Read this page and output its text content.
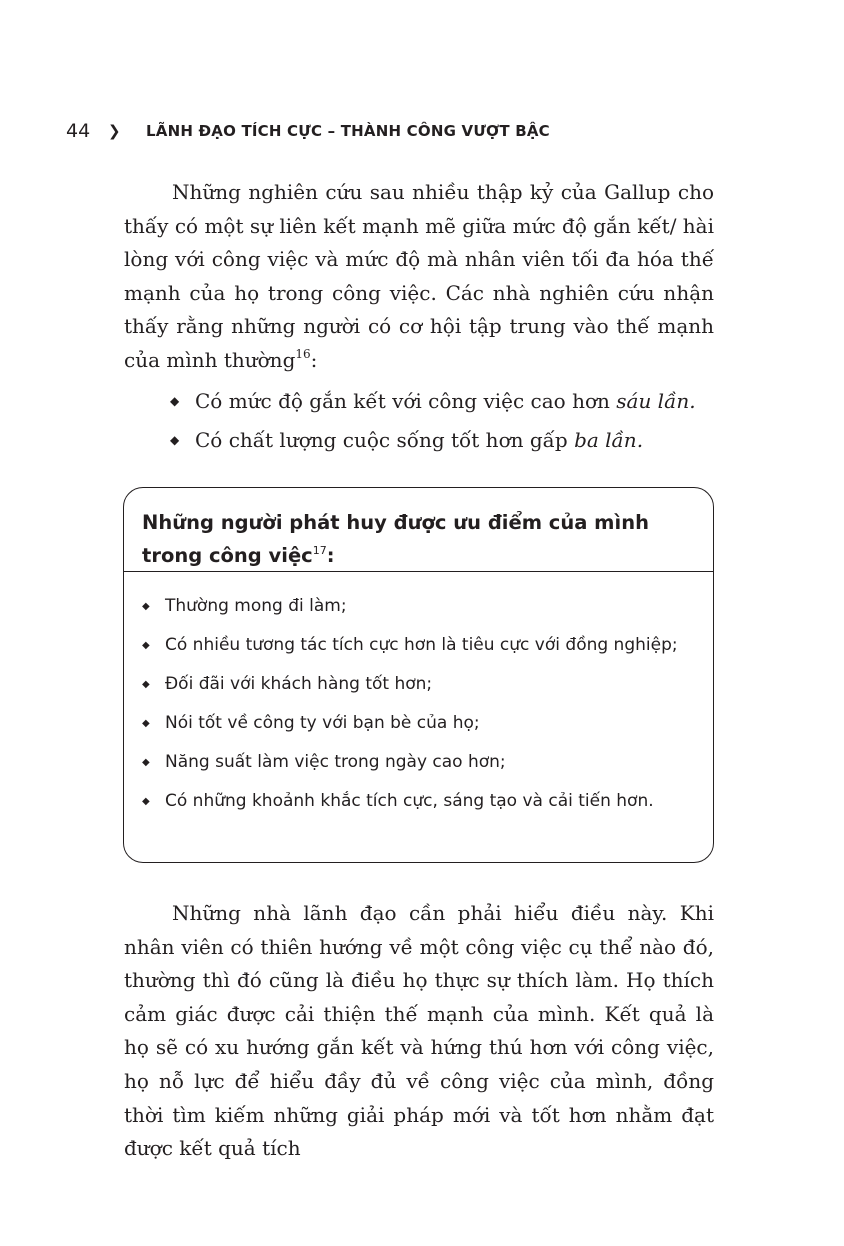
44	❯	LÃNH ĐẠO TÍCH CỰC – THÀNH CÔNG VƯỢT BẬC

Những nghiên cứu sau nhiều thập kỷ của Gallup cho thấy có một sự liên kết mạnh mẽ giữa mức độ gắn kết/ hài lòng với công việc và mức độ mà nhân viên tối đa hóa thế mạnh của họ trong công việc. Các nhà nghiên cứu nhận thấy rằng những người có cơ hội tập trung vào thế mạnh của mình thường$^{16}$:

◆ Có mức độ gắn kết với công việc cao hơn sáu lần.
◆ Có chất lượng cuộc sống tốt hơn gấp ba lần.

Những người phát huy được ưu điểm của mình trong công việc$^{17}$:

◆ Thường mong đi làm;
◆ Có nhiều tương tác tích cực hơn là tiêu cực với đồng nghiệp;
◆ Đối đãi với khách hàng tốt hơn;
◆ Nói tốt về công ty với bạn bè của họ;
◆ Năng suất làm việc trong ngày cao hơn;
◆ Có những khoảnh khắc tích cực, sáng tạo và cải tiến hơn.

Những nhà lãnh đạo cần phải hiểu điều này. Khi nhân viên có thiên hướng về một công việc cụ thể nào đó, thường thì đó cũng là điều họ thực sự thích làm. Họ thích cảm giác được cải thiện thế mạnh của mình. Kết quả là họ sẽ có xu hướng gắn kết và hứng thú hơn với công việc, họ nỗ lực để hiểu đầy đủ về công việc của mình, đồng thời tìm kiếm những giải pháp mới và tốt hơn nhằm đạt được kết quả tích
